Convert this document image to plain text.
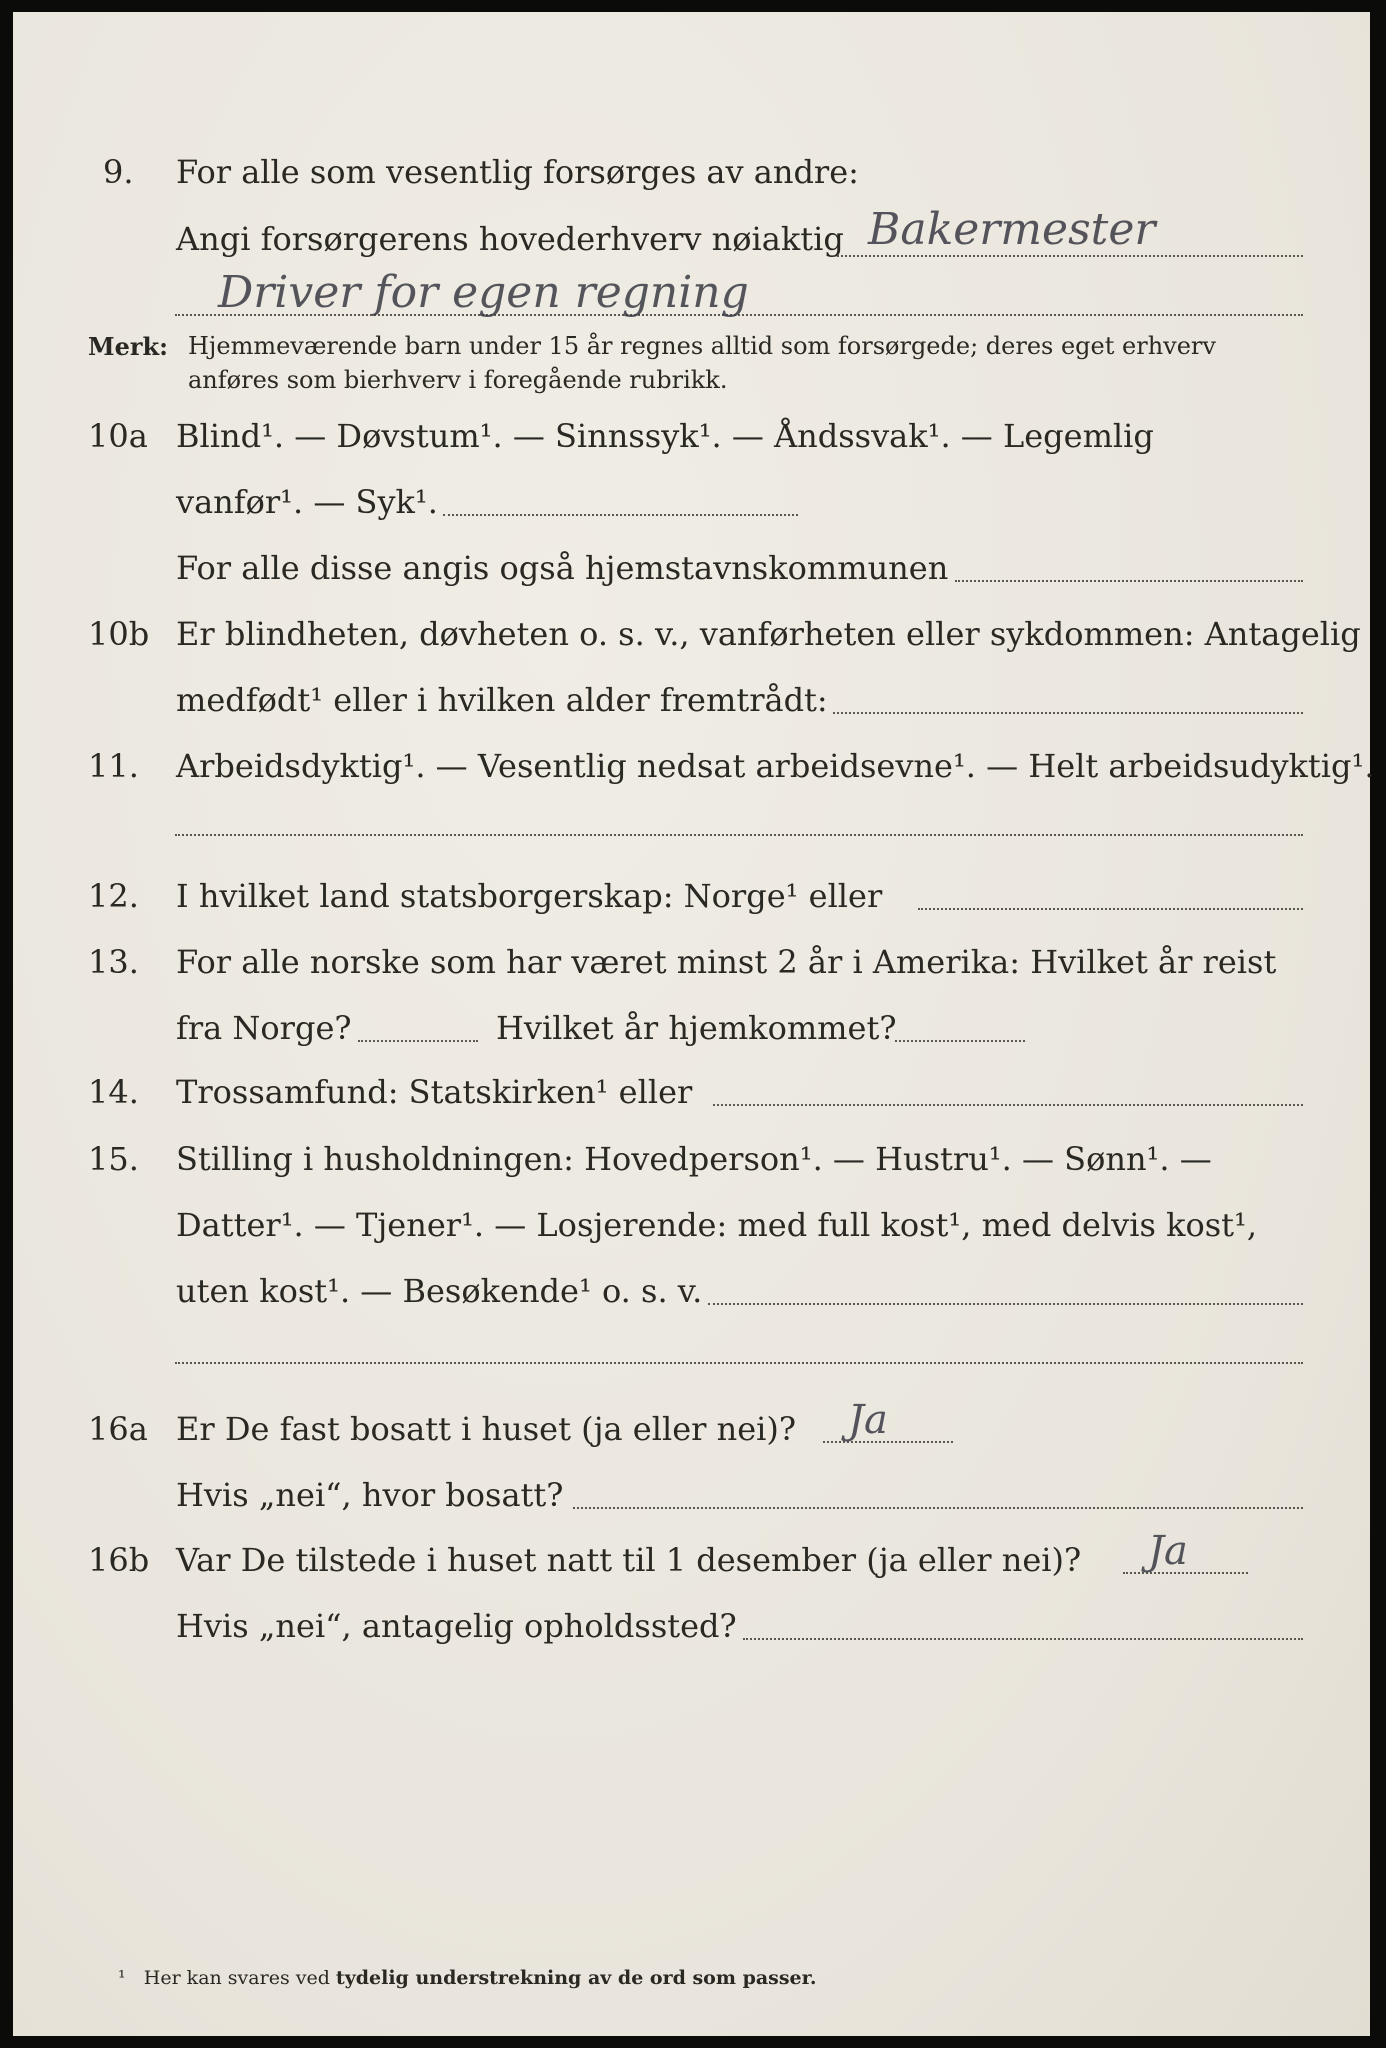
9. For alle som vesentlig forsørges av andre:
Angi forsørgerens hovederhverv nøiaktig Bakermester
Driver for egen regning
Merk: Hjemmeværende barn under 15 år regnes alltid som forsørgede; deres eget erhverv
anføres som bierhverv i foregående rubrikk.
10a Blind¹. — Døvstum¹. — Sinnssyk¹. — Åndssvak¹. — Legemlig
vanfør¹. — Syk¹.
For alle disse angis også hjemstavnskommunen
10b Er blindheten, døvheten o. s. v., vanførheten eller sykdommen: Antagelig
medfødt¹ eller i hvilken alder fremtrådt:
11. Arbeidsdyktig¹. — Vesentlig nedsat arbeidsevne¹. — Helt arbeidsudyktig¹.
12. I hvilket land statsborgerskap: Norge¹ eller
13. For alle norske som har været minst 2 år i Amerika: Hvilket år reist
fra Norge?	Hvilket år hjemkommet?
14. Trossamfund: Statskirken¹ eller
15. Stilling i husholdningen: Hovedperson¹. — Hustru¹. — Sønn¹. —
Datter¹. — Tjener¹. — Losjerende: med full kost¹, med delvis kost¹,
uten kost¹. — Besøkende¹ o. s. v.
16a Er De fast bosatt i huset (ja eller nei)? Ja
Hvis „nei“, hvor bosatt?
16b Var De tilstede i huset natt til 1 desember (ja eller nei)? Ja
Hvis „nei“, antagelig opholdssted?
¹ Her kan svares ved tydelig understrekning av de ord som passer.
